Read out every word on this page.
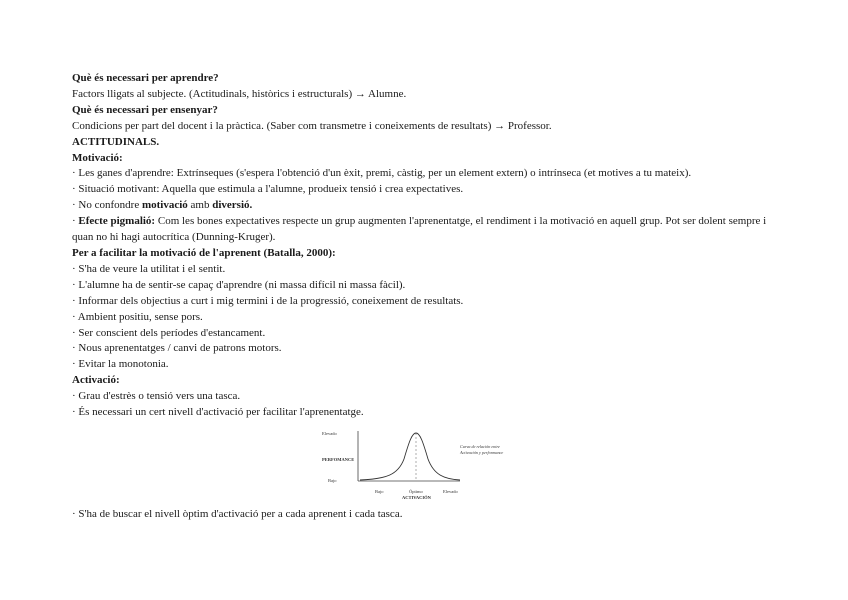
Què és necessari per aprendre?
Factors lligats al subjecte. (Actitudinals, històrics i estructurals) → Alumne.
Què és necessari per ensenyar?
Condicions per part del docent i la pràctica. (Saber com transmetre i coneixements de resultats) → Professor.
ACTITUDINALS.
Motivació:
· Les ganes d'aprendre: Extrínseques (s'espera l'obtenció d'un èxit, premi, càstig, per un element extern) o intrínseca (et motives a tu mateix).
· Situació motivant: Aquella que estimula a l'alumne, produeix tensió i crea expectatives.
· No confondre motivació amb diversió.
· Efecte pigmalió: Com les bones expectatives respecte un grup augmenten l'aprenentatge, el rendiment i la motivació en aquell grup. Pot ser dolent sempre i quan no hi hagi autocrítica (Dunning-Kruger).
Per a facilitar la motivació de l'aprenent (Batalla, 2000):
· S'ha de veure la utilitat i el sentit.
· L'alumne ha de sentir-se capaç d'aprendre (ni massa difícil ni massa fàcil).
· Informar dels objectius a curt i mig termini i de la progressió, coneixement de resultats.
· Ambient positiu, sense pors.
· Ser conscient dels períodes d'estancament.
· Nous aprenentatges / canvi de patrons motors.
· Evitar la monotonia.
Activació:
· Grau d'estrès o tensió vers una tasca.
· És necessari un cert nivell d'activació per facilitar l'aprenentatge.
Elevado
PERFOMANCE
Bajo
Bajo	Óptimo	Elevado
ACTIVACIÓN
Curva de relación entre
Activación y performance
· S'ha de buscar el nivell òptim d'activació per a cada aprenent i cada tasca.
